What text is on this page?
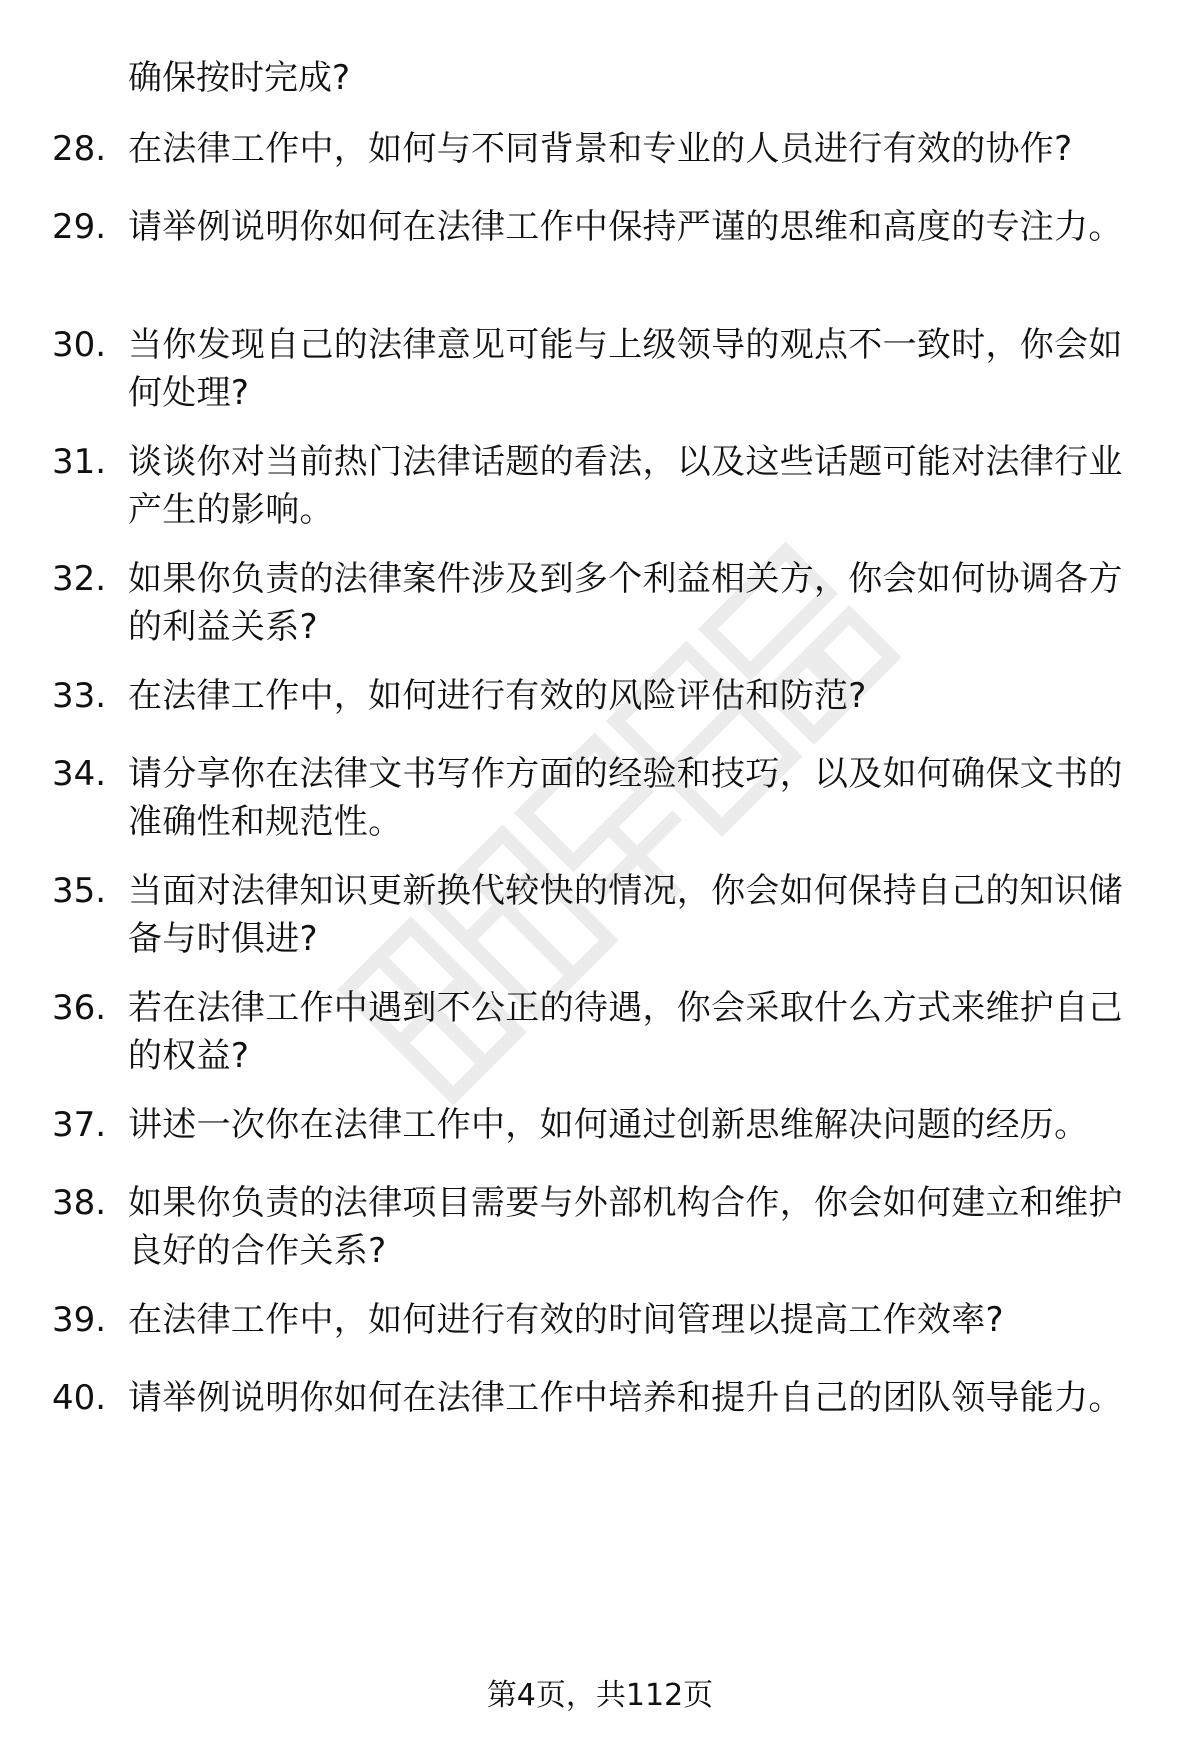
确保按时完成?

28. 在法律工作中，如何与不同背景和专业的人员进行有效的协作?
29. 请举例说明你如何在法律工作中保持严谨的思维和高度的专注力。
30. 当你发现自己的法律意见可能与上级领导的观点不一致时，你会如何处理?
31. 谈谈你对当前热门法律话题的看法，以及这些话题可能对法律行业产生的影响。
32. 如果你负责的法律案件涉及到多个利益相关方，你会如何协调各方的利益关系?
33. 在法律工作中，如何进行有效的风险评估和防范?
34. 请分享你在法律文书写作方面的经验和技巧，以及如何确保文书的准确性和规范性。
35. 当面对法律知识更新换代较快的情况，你会如何保持自己的知识储备与时俱进?
36. 若在法律工作中遇到不公正的待遇，你会采取什么方式来维护自己的权益?
37. 讲述一次你在法律工作中，如何通过创新思维解决问题的经历。
38. 如果你负责的法律项目需要与外部机构合作，你会如何建立和维护良好的合作关系?
39. 在法律工作中，如何进行有效的时间管理以提高工作效率?
40. 请举例说明你如何在法律工作中培养和提升自己的团队领导能力。
第4页，共112页
